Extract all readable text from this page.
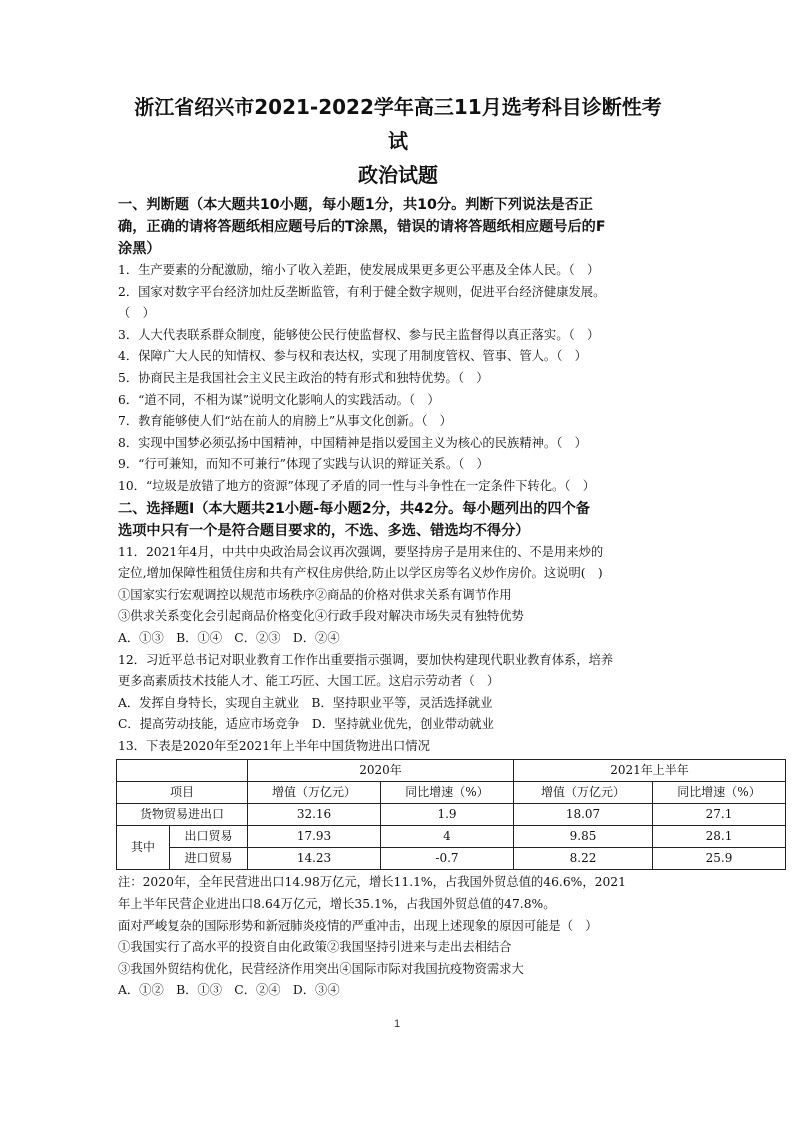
浙江省绍兴市2021-2022学年高三11月选考科目诊断性考

试

政治试题

一、判断题（本大题共10小题，每小题1分，共10分。判断下列说法是否正

确，正确的请将答题纸相应题号后的T涂黑，错误的请将答题纸相应题号后的F

涂黑）

1．生产要素的分配激励，缩小了收入差距，使发展成果更多更公平惠及全体人民。（　）

2．国家对数字平台经济加灶反垄断监管，有利于健全数字规则，促进平台经济健康发展。

（　）

3．人大代表联系群众制度，能够使公民行使监督权、参与民主监督得以真正落实。（　）

4．保障广大人民的知情权、参与权和表达权，实现了用制度管权、管事、管人。（　）

5．协商民主是我国社会主义民主政治的特有形式和独特优势。（　）

6．“道不同，不相为谋”说明文化影响人的实践活动。（　）

7．教育能够使人们“站在前人的肩膀上”从事文化创新。（　）

8．实现中国梦必须弘扬中国精神，中国精神是指以爱国主义为核心的民族精神。（　）

9．“行可兼知，而知不可兼行”体现了实践与认识的辩证关系。（　）

10．“垃圾是放错了地方的资源”体现了矛盾的同一性与斗争性在一定条件下转化。（　）

二、选择题Ⅰ（本大题共21小题-每小题2分，共42分。每小题列出的四个备

选项中只有一个是符合题目要求的，不选、多选、错选均不得分）

11．2021年4月，中共中央政治局会议再次强调，要坚持房子是用来住的、不是用来炒的

定位,增加保障性租赁住房和共有产权住房供给,防止以学区房等名义炒作房价。这说明(　)

①国家实行宏观调控以规范市场秩序②商品的价格对供求关系有调节作用

③供求关系变化会引起商品价格变化④行政手段对解决市场失灵有独特优势

A．①③　B．①④　C．②③　D．②④

12．习近平总书记对职业教育工作作出重要指示强调，要加快构建现代职业教育体系，培养

更多高素质技术技能人才、能工巧匠、大国工匠。这启示劳动者（　）

A．发挥自身特长，实现自主就业　B．坚持职业平等，灵活选择就业

C．提高劳动技能，适应市场竞争　D．坚持就业优先，创业带动就业

13．下表是2020年至2021年上半年中国货物进出口情况

		2020年		2021年上半年	
项目		增值（万亿元）	同比增速（%）	增值（万亿元）	同比增速（%）
货物贸易进出口		32.16	1.9	18.07	27.1
其中	出口贸易	17.93	4	9.85	28.1
	进口贸易	14.23	-0.7	8.22	25.9

注：2020年，全年民营进出口14.98万亿元，增长11.1%，占我国外贸总值的46.6%，2021

年上半年民营企业进出口8.64万亿元，增长35.1%，占我国外贸总值的47.8%。

面对严峻复杂的国际形势和新冠肺炎疫情的严重冲击，出现上述现象的原因可能是（　）

①我国实行了高水平的投资自由化政策②我国坚持引进来与走出去相结合

③我国外贸结构优化，民营经济作用突出④国际市际对我国抗疫物资需求大

A．①②　B．①③　C．②④　D．③④

1
